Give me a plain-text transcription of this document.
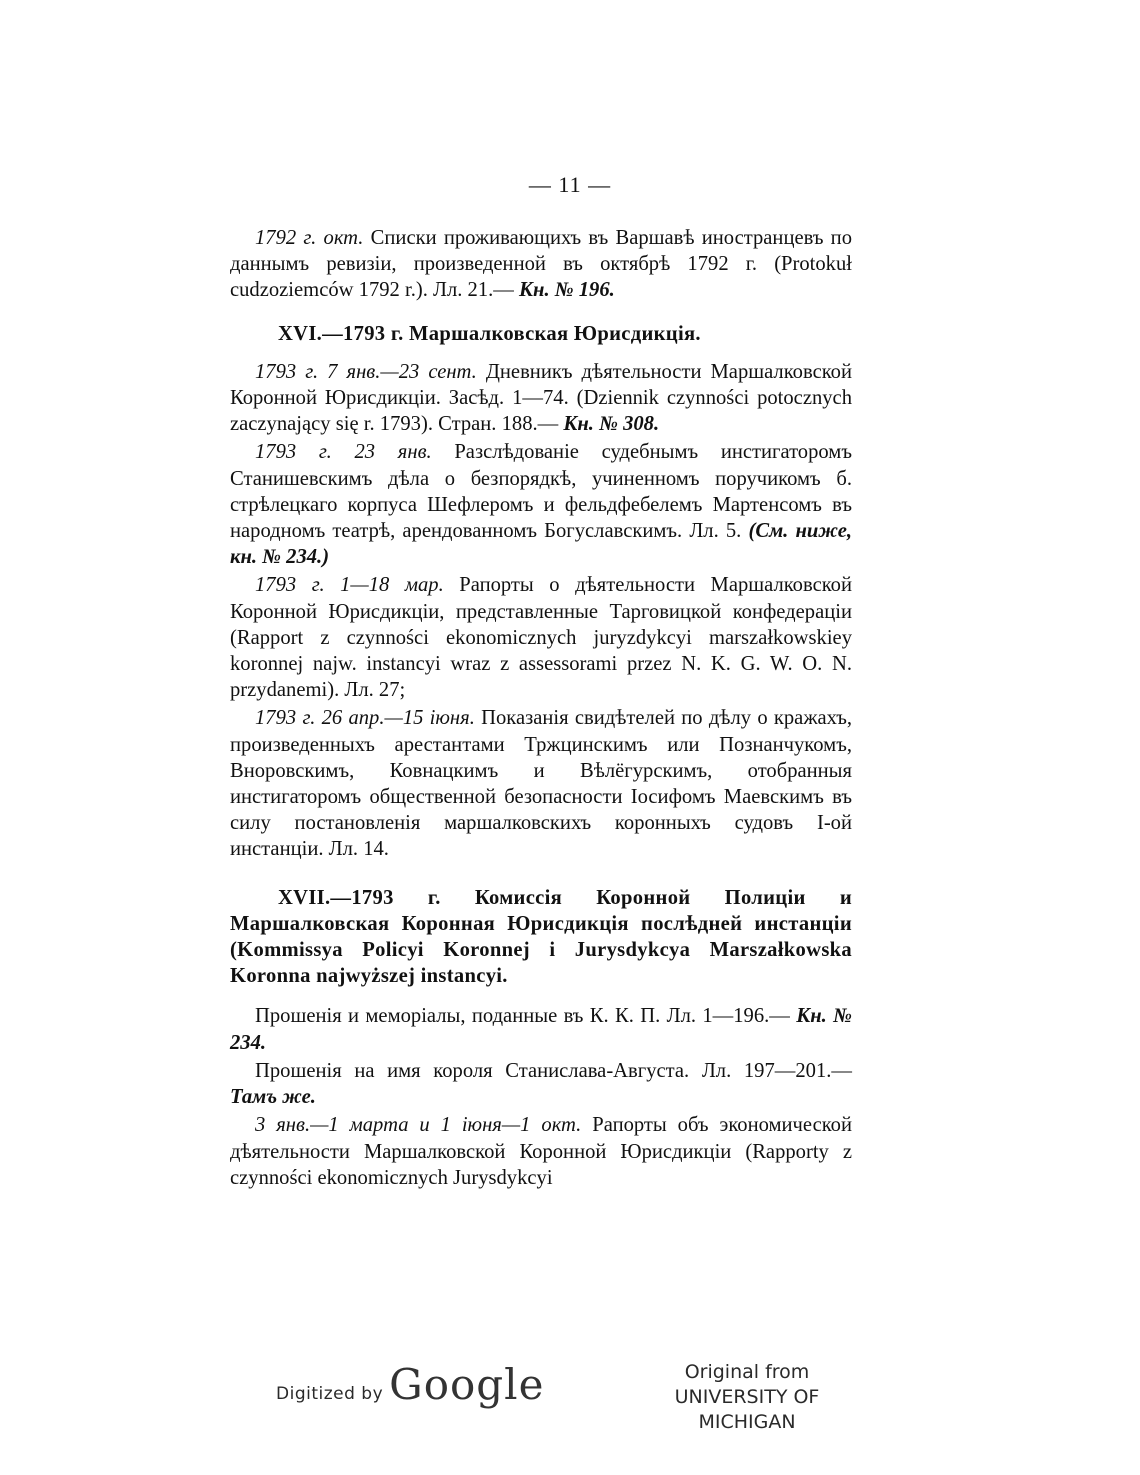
— 11 —

1792 г. окт. Списки проживающихъ въ Варшавѣ иностранцевъ по даннымъ ревизіи, произведенной въ октябрѣ 1792 г. (Protokuł cudzoziemców 1792 r.). Лл. 21.— Кн. № 196.

XVI.—1793 г. Маршалковская Юрисдикція.

1793 г. 7 янв.—23 сент. Дневникъ дѣятельности Маршалковской Коронной Юрисдикціи. Засѣд. 1—74. (Dziennik czynności potocznych zaczynający się r. 1793). Стран. 188.— Кн. № 308.

1793 г. 23 янв. Разслѣдованіе судебнымъ инстигаторомъ Станишевскимъ дѣла о безпорядкѣ, учиненномъ поручикомъ б. стрѣлецкаго корпуса Шефлеромъ и фельдфебелемъ Мартенсомъ въ народномъ театрѣ, арендованномъ Богуславскимъ. Лл. 5. (См. ниже, кн. № 234.)

1793 г. 1—18 мар. Рапорты о дѣятельности Маршалковской Коронной Юрисдикціи, представленные Тарговицкой конфедераціи (Rapport z czynności ekonomicznych juryzdykcyi marszałkowskiey koronnej najw. instancyi wraz z assessorami przez N. K. G. W. O. N. przydanemi). Лл. 27;

1793 г. 26 апр.—15 іюня. Показанія свидѣтелей по дѣлу о кражахъ, произведенныхъ арестантами Тржцинскимъ или Познанчукомъ, Вноровскимъ, Ковнацкимъ и Вѣлёгурскимъ, отобранныя инстигаторомъ общественной безопасности Іосифомъ Маевскимъ въ силу постановленія маршалковскихъ коронныхъ судовъ I-ой инстанціи. Лл. 14.

XVII.—1793 г. Комиссія Коронной Полиціи и Маршалковская Коронная Юрисдикція послѣдней инстанціи (Kommissya Policyi Koronnej i Jurysdykcya Marszałkowska Koronna najwyższej instancyi.

Прошенія и меморіалы, поданные въ К. К. П. Лл. 1—196.— Кн. № 234.

Прошенія на имя короля Станислава-Августа. Лл. 197—201.— Тамъ же.

3 янв.—1 марта и 1 іюня—1 окт. Рапорты объ экономической дѣятельности Маршалковской Коронной Юрисдикціи (Rapporty z czynności ekonomicznych Jurysdykcyi

Digitized by Google	Original from
UNIVERSITY OF MICHIGAN
